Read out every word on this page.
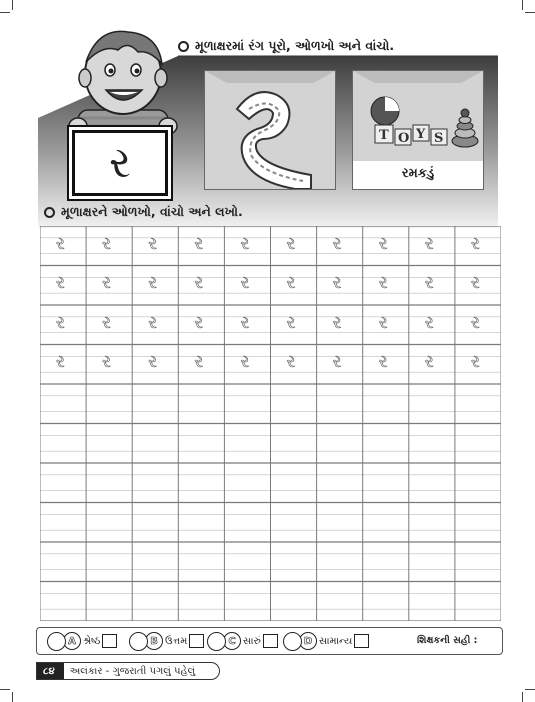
ર
મૂળાક્ષરમાં રંગ પૂરો, ઓળખો અને વાંચો.
T O Y S
રમકડું
મૂળાક્ષરને ઓળખો, વાંચો અને લખો.
ર ર ર ર ર ર ર ર ર ર
ર ર ર ર ર ર ર ર ર ર
ર ર ર ર ર ર ર ર ર ર
ર ર ર ર ર ર ર ર ર ર
A શ્રેષ્ઠ	B ઉત્તમ	C સારું	D સામાન્ય	શિક્ષકની સહી :
૮૪	અલંકાર - ગુજરાતી પગલું પહેલું
